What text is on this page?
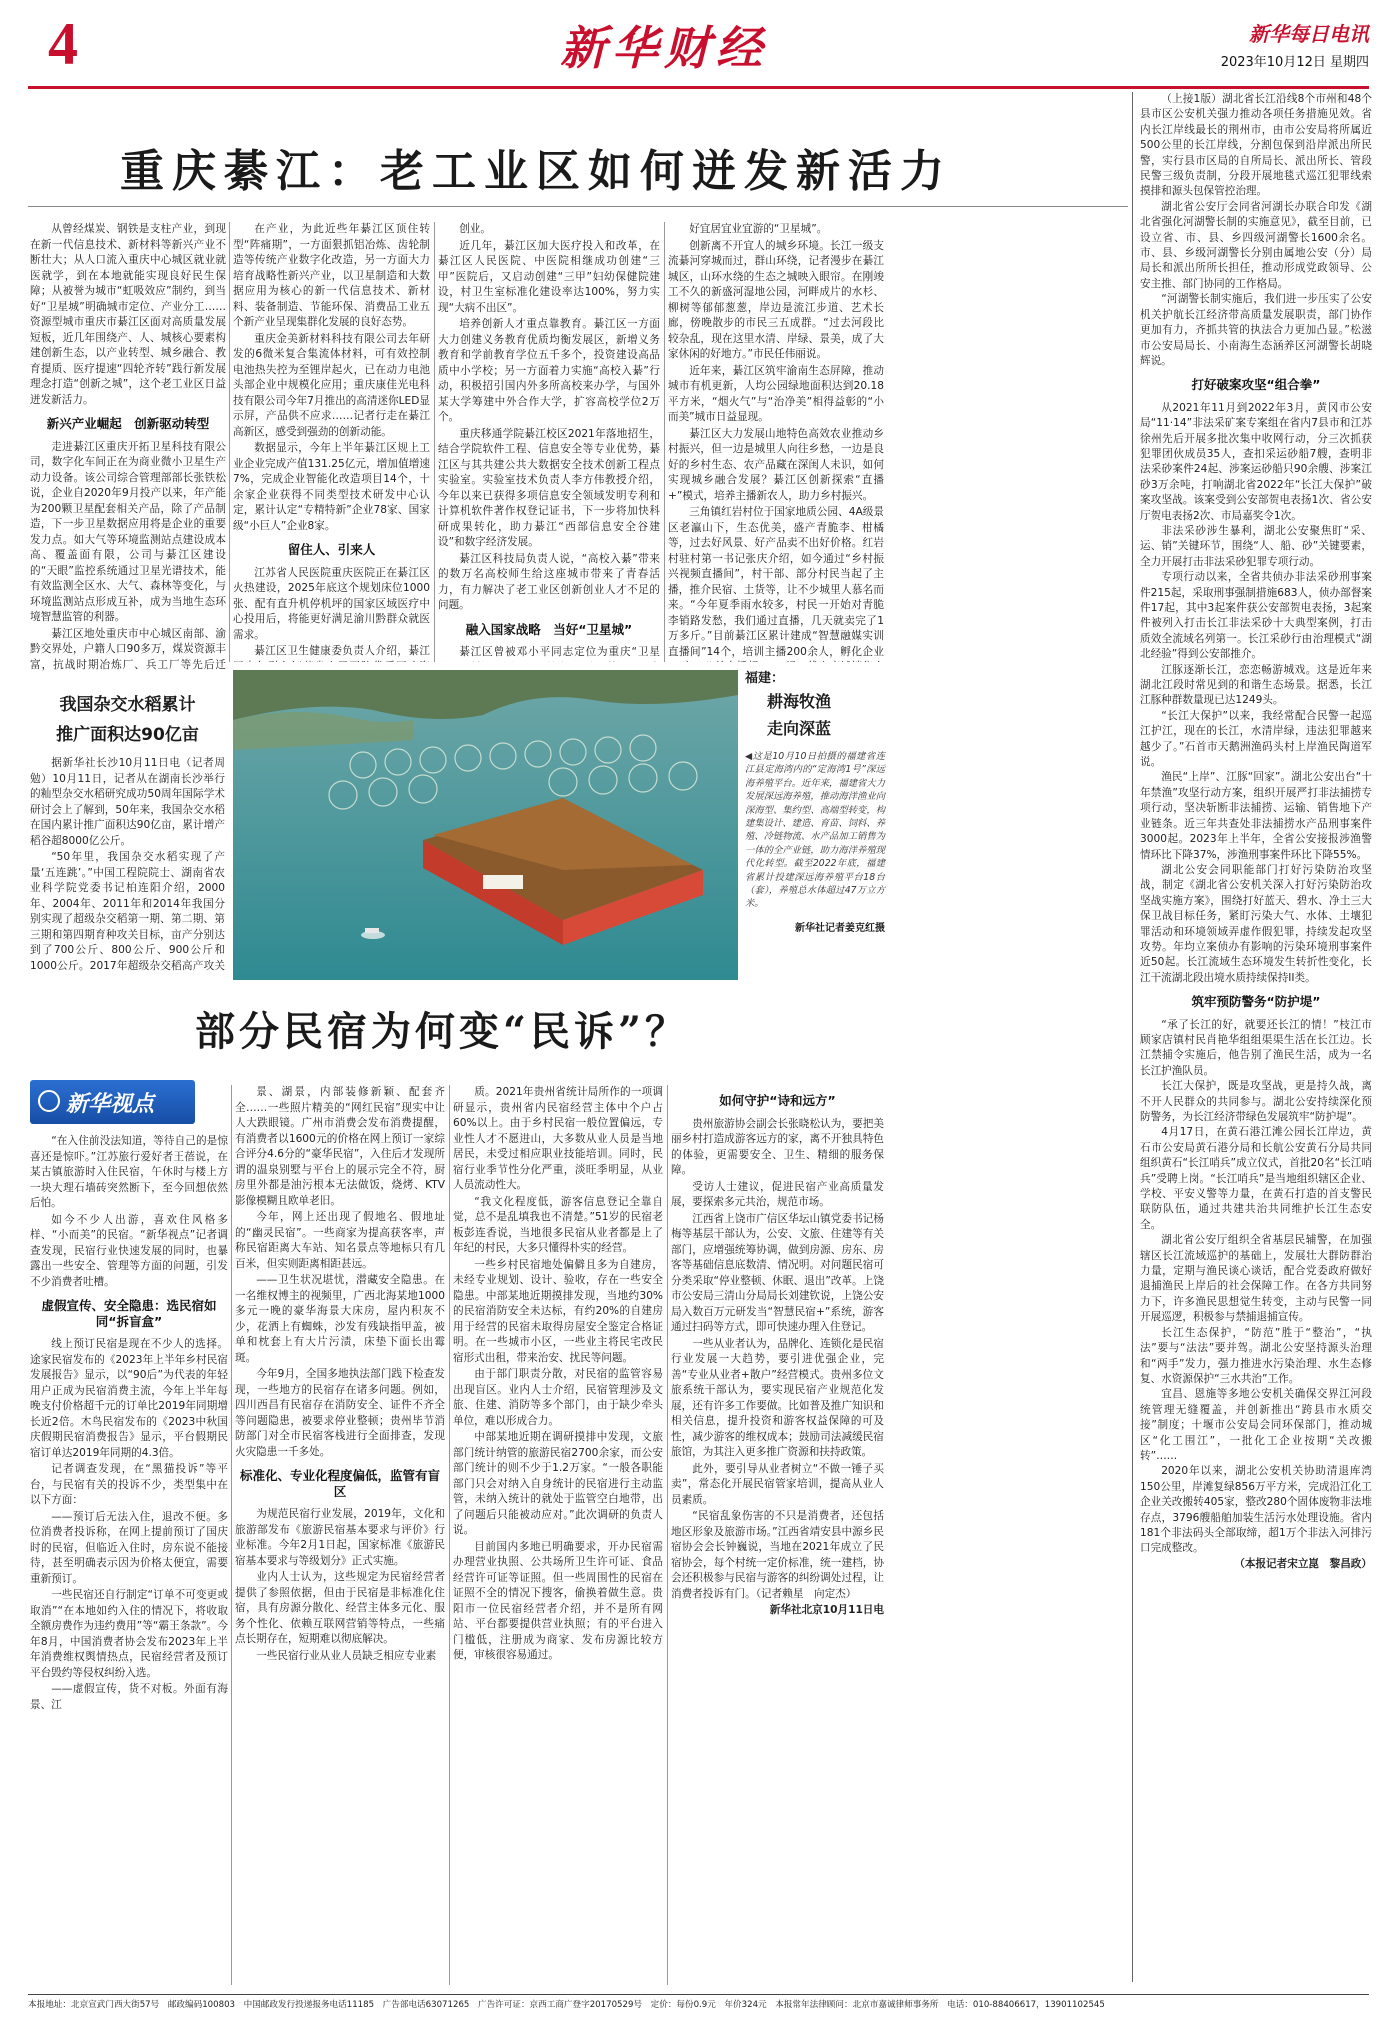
4	新华财经	新华每日电讯
2023年10月12日 星期四
重庆綦江：老工业区如何迸发新活力

从曾经煤炭、钢铁是支柱产业，到现在新一代信息技术、新材料等新兴产业不断壮大；从人口流入重庆中心城区就业就医就学，到在本地就能实现良好民生保障；从被誉为城市“虹吸效应”制约，到当好“卫星城”明确城市定位、产业分工……资源型城市重庆市綦江区面对高质量发展短板，近几年围绕产、人、城核心要素构建创新生态，以产业转型、城乡融合、教育提质、医疗提速“四轮齐转”践行新发展理念打造“创新之城”，这个老工业区日益迸发新活力。

新兴产业崛起　创新驱动转型

走进綦江区重庆开拓卫星科技有限公司，数字化车间正在为商业微小卫星生产动力设备。该公司综合管理部部长张铁松说，企业自2020年9月投产以来，年产能为200颗卫星配套相关产品，除了产品制造，下一步卫星数据应用将是企业的重要发力点。如大气等环境监测站点建设成本高、覆盖面有限，公司与綦江区建设的“天眼”监控系统通过卫星光谱技术，能有效监测全区水、大气、森林等变化，与环境监测站点形成互补，成为当地生态环境智慧监管的利器。

綦江区地处重庆市中心城区南部、渝黔交界处，户籍人口90多万，煤炭资源丰富，抗战时期冶炼厂、兵工厂等先后迁

在产业，为此近些年綦江区顶住转型“阵痛期”，一方面狠抓铝冶炼、齿轮制造等传统产业数字化改造，另一方面大力培育战略性新兴产业，以卫星制造和大数据应用为核心的新一代信息技术、新材料、装备制造、节能环保、消费品工业五个新产业呈现集群化发展的良好态势。

重庆金美新材料科技有限公司去年研发的6微米复合集流体材料，可有效控制电池热失控为至锂岸起火，已在动力电池头部企业中规模化应用；重庆康佳光电科技有限公司今年7月推出的高清迷你LED显示屏，产品供不应求……记者行走在綦江高新区，感受到强劲的创新动能。

数据显示，今年上半年綦江区规上工业企业完成产值131.25亿元，增加值增速7%，完成企业智能化改造项目14个，十余家企业获得不同类型技术研发中心认定，累计认定“专精特新”企业78家、国家级“小巨人”企业8家。

留住人、引来人

江苏省人民医院重庆医院正在綦江区火热建设，2025年底这个规划床位1000张、配有直升机停机坪的国家区域医疗中心投用后，将能更好满足渝川黔群众就医需求。

綦江区卫生健康委负责人介绍，綦江

创业。

近几年，綦江区加大医疗投入和改革，在綦江区人民医院、中医院相继成功创建“三甲”医院后，又启动创建“三甲”妇幼保健院建设，村卫生室标准化建设率达100%，努力实现“大病不出区”。

培养创新人才重点靠教育。綦江区一方面大力创建义务教育优质均衡发展区，新增义务教育和学前教育学位五千多个，投资建设高品质中小学校；另一方面着力实施“高校入綦”行动，积极招引国内外多所高校来办学，与国外某大学筹建中外合作大学，扩容高校学位2万个。

重庆移通学院綦江校区2021年落地招生，结合学院软件工程、信息安全等专业优势，綦江区与其共建公共大数据安全技术创新工程点实验室。实验室技术负责人李方伟教授介绍，今年以来已获得多项信息安全领域发明专利和计算机软件著作权登记证书，下一步将加快科研成果转化，助力綦江“西部信息安全谷建设”和数字经济发展。

綦江区科技局负责人说，“高校入綦”带来的数万名高校师生给这座城市带来了青春活力，有力解决了老工业区创新创业人才不足的问题。

融入国家战略　当好“卫星城”

綦江区曾被邓小平同志定位为重庆“卫星

好宜居宜业宜游的“卫星城”。

创新离不开宜人的城乡环境。长江一级支流綦河穿城而过，群山环绕，记者漫步在綦江城区，山环水绕的生态之城映入眼帘。在刚竣工不久的新盛河湿地公园，河畔成片的水杉、柳树等郁郁葱葱，岸边是流江步道、艺术长廊，傍晚散步的市民三五成群。“过去河段比较杂乱，现在这里水清、岸绿、景美，成了大家休闲的好地方。”市民任伟丽说。

近年来，綦江区筑牢渝南生态屏障，推动城市有机更新，人均公园绿地面积达到20.18平方米，“烟火气”与“治净美”相得益彰的“小而美”城市日益显现。

綦江区大力发展山地特色高效农业推动乡村振兴，但一边是城里人向往乡愁，一边是良好的乡村生态、农产品藏在深闺人未识，如何实现城乡融合发展？綦江区创新探索“直播+”模式，培养主播新农人，助力乡村振兴。

三角镇红岩村位于国家地质公园、4A级景区老瀛山下，生态优美，盛产青脆李、柑橘等，过去好风景、好产品卖不出好价格。红岩村驻村第一书记张庆介绍，如今通过“乡村振兴视频直播间”，村干部、部分村民当起了主播，推介民宿、土货等，让不少城里人慕名而来。“今年夏季雨水较多，村民一开始对青脆李销路发愁，我们通过直播，几天就卖完了1万多斤。”目前綦江区累计建成“智慧融媒实训直播间”14个，培训主播200余人，孵化企业

（上接1版）湖北省长江沿线8个市州和48个县市区公安机关强力推动各项任务措施见效。省内长江岸线最长的荆州市，由市公安局将所属近500公里的长江岸线，分割包保到沿岸派出所民警，实行县市区局的自所局长、派出所长、管段民警三级负责制，分段开展地毯式巡江犯罪线索摸排和源头包保管控治理。

湖北省公安厅会同省河湖长办联合印发《湖北省强化河湖警长制的实施意见》，截至目前，已设立省、市、县、乡四级河湖警长1600余名。市、县、乡级河湖警长分别由属地公安（分）局局长和派出所所长担任，推动形成党政领导、公安主推、部门协同的工作格局。

“河湖警长制实施后，我们进一步压实了公安机关护航长江经济带高质量发展职责，部门协作更加有力，齐抓共管的执法合力更加凸显。”松滋市公安局局长、小南海生态涵养区河湖警长胡晓辉说。

打好破案攻坚“组合拳”

从2021年11月到2022年3月，黄冈市公安局“11·14”非法采矿案专案组在省内7县市和江苏徐州先后开展多批次集中收网行动，分三次抓获犯罪团伙成员35人，查扣采运砂船7艘，查明非法采砂案件24起、涉案运砂船只90余艘、涉案江砂3万余吨，打响湖北省2022年“长江大保护”破案攻坚战。该案受到公安部贺电表扬1次、省公安厅贺电表扬2次、市局嘉奖令1次。

非法采砂涉生暴利，湖北公安聚焦盯“采、运、销”关键环节，围绕“人、船、砂”关键要素，全力开展打击非法采砂犯罪专项行动。

专项行动以来，全省共侦办非法采砂刑事案件215起，采取刑事强制措施683人，侦办部督案件17起，其中3起案件获公安部贺电表扬，3起案件被列入打击长江非法采砂十大典型案例，打击质效全流域名列第一。长江采砂行由治理模式“湖北经验”得到公安部推介。

江豚逐渐长江，恋恋畅游城戏。这是近年来湖北江段时常见到的和谐生态场景。据悉，长江江豚种群数量现已达1249头。

“长江大保护”以来，我经常配合民警一起巡江护江，现在的长江，水清岸绿，违法犯罪越来越少了。”石首市天鹅洲渔码头村上岸渔民陶道军说。

渔民“上岸”、江豚“回家”。湖北公安出台“十年禁渔”攻坚行动方案，组织开展严打非法捕捞专项行动，坚决斩断非法捕捞、运输、销售地下产业链条。近三年共查处非法捕捞水产品刑事案件3000起。2023年上半年，全省公安接报涉渔警情环比下降37%，涉渔刑事案件环比下降55%。

湖北公安会同职能部门打好污染防治攻坚战，制定《湖北省公安机关深入打好污染防治攻坚战实施方案》，围绕打好蓝天、碧水、净土三大保卫战目标任务，紧盯污染大气、水体、土壤犯罪活动和环境领域弄虚作假犯罪，持续发起攻坚攻势。年均立案侦办有影响的污染环境刑事案件近50起。长江流域生态环境发生转折性变化，长江干流湖北段出境水质持续保持II类。

筑牢预防警务“防护堤”

“承了长江的好，就要还长江的情！”枝江市顾家店镇村民肖艳华组组渠渠生活在长江边。长江禁捕令实施后，他告别了渔民生活，成为一名长江护渔队员。

长江大保护，既是攻坚战，更是持久战，离不开人民群众的共同参与。湖北公安持续深化预防警务，为长江经济带绿色发展筑牢“防护堤”。

4月17日，在黄石港江滩公园长江岸边，黄石市公安局黄石港分局和长航公安黄石分局共同组织黄石“长江哨兵”成立仪式，首批20名“长江哨兵”受聘上岗。“长江哨兵”是当地组织辖区企业、学校、平安义警等力量，在黄石打造的首支警民联防队伍，通过共建共治共同维护长江生态安全。

湖北省公安厅组织全省基层民辅警，在加强辖区长江流域巡护的基础上，发展壮大群防群治力量，定期与渔民谈心谈话，配合党委政府做好退捕渔民上岸后的社会保障工作。在各方共同努力下，许多渔民思想觉生转变，主动与民警一同开展巡逻，积极参与禁捕退捕宣传。

长江生态保护，“防范”胜于“整治”，“执法”要与“法法”要并驾。湖北公安坚持源头治理和“两手”发力，强力推进水污染治理、水生态修复、水资源保护“三水共治”工作。

宜昌、恩施等多地公安机关确保交界江河段统管理无缝覆盖，并创新推出“跨县市水质交接”制度；十堰市公安局会同环保部门，推动城区“化工围江”，一批化工企业按期“关改搬转”……

2020年以来，湖北公安机关协助清退库湾150公里，岸滩复绿856万平方米，完成沿江化工企业关改搬转405家，整改280个固体废物非法堆存点，3796艘船舶加装生活污水处理设施。省内181个非法码头全部取缔，超1万个非法入河排污口完成整改。

（本报记者宋立崑　黎昌政）

我国杂交水稻累计
推广面积达90亿亩

据新华社长沙10月11日电（记者周勉）10月11日，记者从在湖南长沙举行的籼型杂交水稻研究成功50周年国际学术研讨会上了解到，50年来，我国杂交水稻在国内累计推广面积达90亿亩，累计增产稻谷超8000亿公斤。

“50年里，我国杂交水稻实现了产量‘五连跳’。”中国工程院院士、湖南省农业科学院党委书记柏连阳介绍，2000年、2004年、2011年和2014年我国分别实现了超级杂交稻第一期、第二期、第三期和第四期育种攻关目标，亩产分别达到了700公斤、800公斤、900公斤和1000公斤。2017年超级杂交稻高产攻关

福建：
耕海牧渔
走向深蓝
◀这是10月10日拍摄的福建省连江县定海湾内的“定海湾1号”深远海养殖平台。近年来，福建省大力发展深远海养殖，推动海洋渔业向深海型、集约型、高端型转变，构建集设计、建造、育苗、饲料、养殖、冷链物流、水产品加工销售为一体的全产业链，助力海洋养殖现代化转型。截至2022年底，福建省累计投建深远海养殖平台18台（套），养殖总水体超过47万立方米。
新华社记者姜克红摄
部分民宿为何变“民诉”？
新华视点

“在入住前没法知道，等待自己的是惊喜还是惊吓。”江苏旅行爱好者王蓓说，在某古镇旅游时入住民宿，午休时与楼上方一块大理石墙砖突然断下，至今回想依然后怕。

如今不少人出游，喜欢住风格多样、“小而美”的民宿。“新华视点”记者调查发现，民宿行业快速发展的同时，也暴露出一些安全、管理等方面的问题，引发不少消费者吐槽。

虚假宣传、安全隐患：选民宿如同“拆盲盒”

线上预订民宿是现在不少人的选择。途家民宿发布的《2023年上半年乡村民宿发展报告》显示，以“90后”为代表的年轻用户正成为民宿消费主流，今年上半年每晚支付价格超千元的订单比2019年同期增长近2倍。木鸟民宿发布的《2023中秋国庆假期民宿消费报告》显示，平台假期民宿订单达2019年同期的4.3倍。

记者调查发现，在“黑猫投诉”等平台，与民宿有关的投诉不少，类型集中在以下方面：

——预订后无法入住，退改不便。多位消费者投诉称，在网上提前预订了国庆时的民宿，但临近入住时，房东说不能接待，甚至明确表示因为价格太便宜，需要重新预订。

一些民宿还自行制定“订单不可变更或取消”“在本地如约入住的情况下，将收取全额房费作为违约费用”等“霸王条款”。今年8月，中国消费者协会发布2023年上半年消费维权舆情热点，民宿经营者及预订平台毁约等侵权纠纷入选。

——虚假宣传，货不对板。外面有海景、江

景、湖景，内部装修新颖、配套齐全……一些照片精美的“网红民宿”现实中让人大跌眼镜。广州市消费会发布消费提醒，有消费者以1600元的价格在网上预订一家综合评分4.6分的“豪华民宿”，入住后才发现所谓的温泉别墅与平台上的展示完全不符，厨房里外都是油污根本无法做饭，烧烤、KTV影像模糊且欧单老旧。

今年，网上还出现了假地名、假地址的“幽灵民宿”。一些商家为提高获客率，声称民宿距离大车站、知名景点等地标只有几百米，但实则距离相距甚远。

——卫生状况堪忧，潜藏安全隐患。在一名维权博主的视频里，广西北海某地1000多元一晚的豪华海景大床房，屋内积灰不少，花洒上有蜘蛛，沙发有残缺指甲盖，被单和枕套上有大片污渍，床垫下面长出霉斑。

今年9月，全国多地执法部门践下检查发现，一些地方的民宿存在诸多问题。例如，四川西昌有民宿存在消防安全、证件不齐全等问题隐患，被要求停业整顿；贵州毕节消防部门对全市民宿客栈进行全面排查，发现火灾隐患一千多处。

标准化、专业化程度偏低，监管有盲区

为规范民宿行业发展，2019年，文化和旅游部发布《旅游民宿基本要求与评价》行业标准。今年2月1日起，国家标准《旅游民宿基本要求与等级划分》正式实施。

业内人士认为，这些规定为民宿经营者提供了参照依据，但由于民宿是非标准化住宿，具有房源分散化、经营主体多元化、服务个性化、依赖互联网营销等特点，一些痛点长期存在，短期难以彻底解决。

一些民宿行业从业人员缺乏相应专业素

质。2021年贵州省统计局所作的一项调研显示，贵州省内民宿经营主体中个户占60%以上。由于乡村民宿一般位置偏远，专业性人才不愿进山，大多数从业人员是当地居民，未受过相应职业技能培训。同时，民宿行业季节性分化严重，淡旺季明显，从业人员流动性大。

“我文化程度低，游客信息登记全靠自觉，总不是乱填我也不清楚。”51岁的民宿老板彭连香说，当地很多民宿从业者都是上了年纪的村民，大多只懂得朴实的经营。

一些乡村民宿地处偏僻且多为自建房，未经专业规划、设计、验收，存在一些安全隐患。中部某地近期摸排发现，当地约30%的民宿消防安全未达标，有约20%的自建房用于经营的民宿未取得房屋安全鉴定合格证明。在一些城市小区，一些业主将民宅改民宿形式出租，带来治安、扰民等问题。

由于部门职责分散，对民宿的监管容易出现盲区。业内人士介绍，民宿管理涉及文旅、住建、消防等多个部门，由于缺少牵头单位，难以形成合力。

中部某地近期在调研摸排中发现，文旅部门统计纳管的旅游民宿2700余家，而公安部门统计的则不少于1.2万家。“一般各职能部门只会对纳入自身统计的民宿进行主动监管，未纳入统计的就处于监管空白地带，出了问题后只能被动应对。”此次调研的负责人说。

目前国内多地已明确要求，开办民宿需办理营业执照、公共场所卫生许可证、食品经营许可证等证照。但一些周围性的民宿在证照不全的情况下搜客，偷换着做生意。贵阳市一位民宿经营者介绍，并不是所有网站、平台都要提供营业执照；有的平台进入门槛低，注册成为商家、发布房源比较方便，审核很容易通过。

如何守护“诗和远方”

贵州旅游协会副会长张晓松认为，要把美丽乡村打造成游客远方的家，离不开独具特色的体验，更需要安全、卫生、精细的服务保障。

受访人士建议，促进民宿产业高质量发展，要探索多元共治，规范市场。

江西省上饶市广信区华坛山镇党委书记杨梅等基层干部认为，公安、文旅、住建等有关部门，应增强统筹协调，做到房源、房东、房客等基础信息底数清、情况明。对问题民宿可分类采取“停业整顿、休眠、退出”改革。上饶市公安局三清山分局局长刘建钦说，上饶公安局入数百万元研发当“智慧民宿+”系统，游客通过扫码等方式，即可快速办理入住登记。

一些从业者认为，品牌化、连锁化是民宿行业发展一大趋势，要引进优强企业，完善“专业从业者+散户”经营模式。贵州多位文旅系统干部认为，要实现民宿产业规范化发展，还有许多工作要做。比如普及推广知识和相关信息，提升投资和游客权益保障的可及性，减少游客的维权成本；鼓励司法减缓民宿旅馆，为其注入更多推广资源和扶持政策。

此外，要引导从业者树立“不做一锤子买卖”，常态化开展民宿管家培训，提高从业人员素质。

“民宿乱象伤害的不只是消费者，还包括地区形象及旅游市场。”江西省靖安县中源乡民宿协会会长钟巍说，当地在2021年成立了民宿协会，每个村统一定价标准，统一建档，协会还积极参与民宿与游客的纠纷调处过程，让消费者投诉有门。（记者赖星　向定杰）

新华社北京10月11日电

本报地址：北京宣武门西大街57号　邮政编码100803　中国邮政发行投递报务电话11185　广告部电话63071265　广告许可证：京西工商广登字20170529号　定价：每份0.9元　年价324元　本报常年法律顾问：北京市嘉诚律师事务所　电话：010-88406617，13901102545
